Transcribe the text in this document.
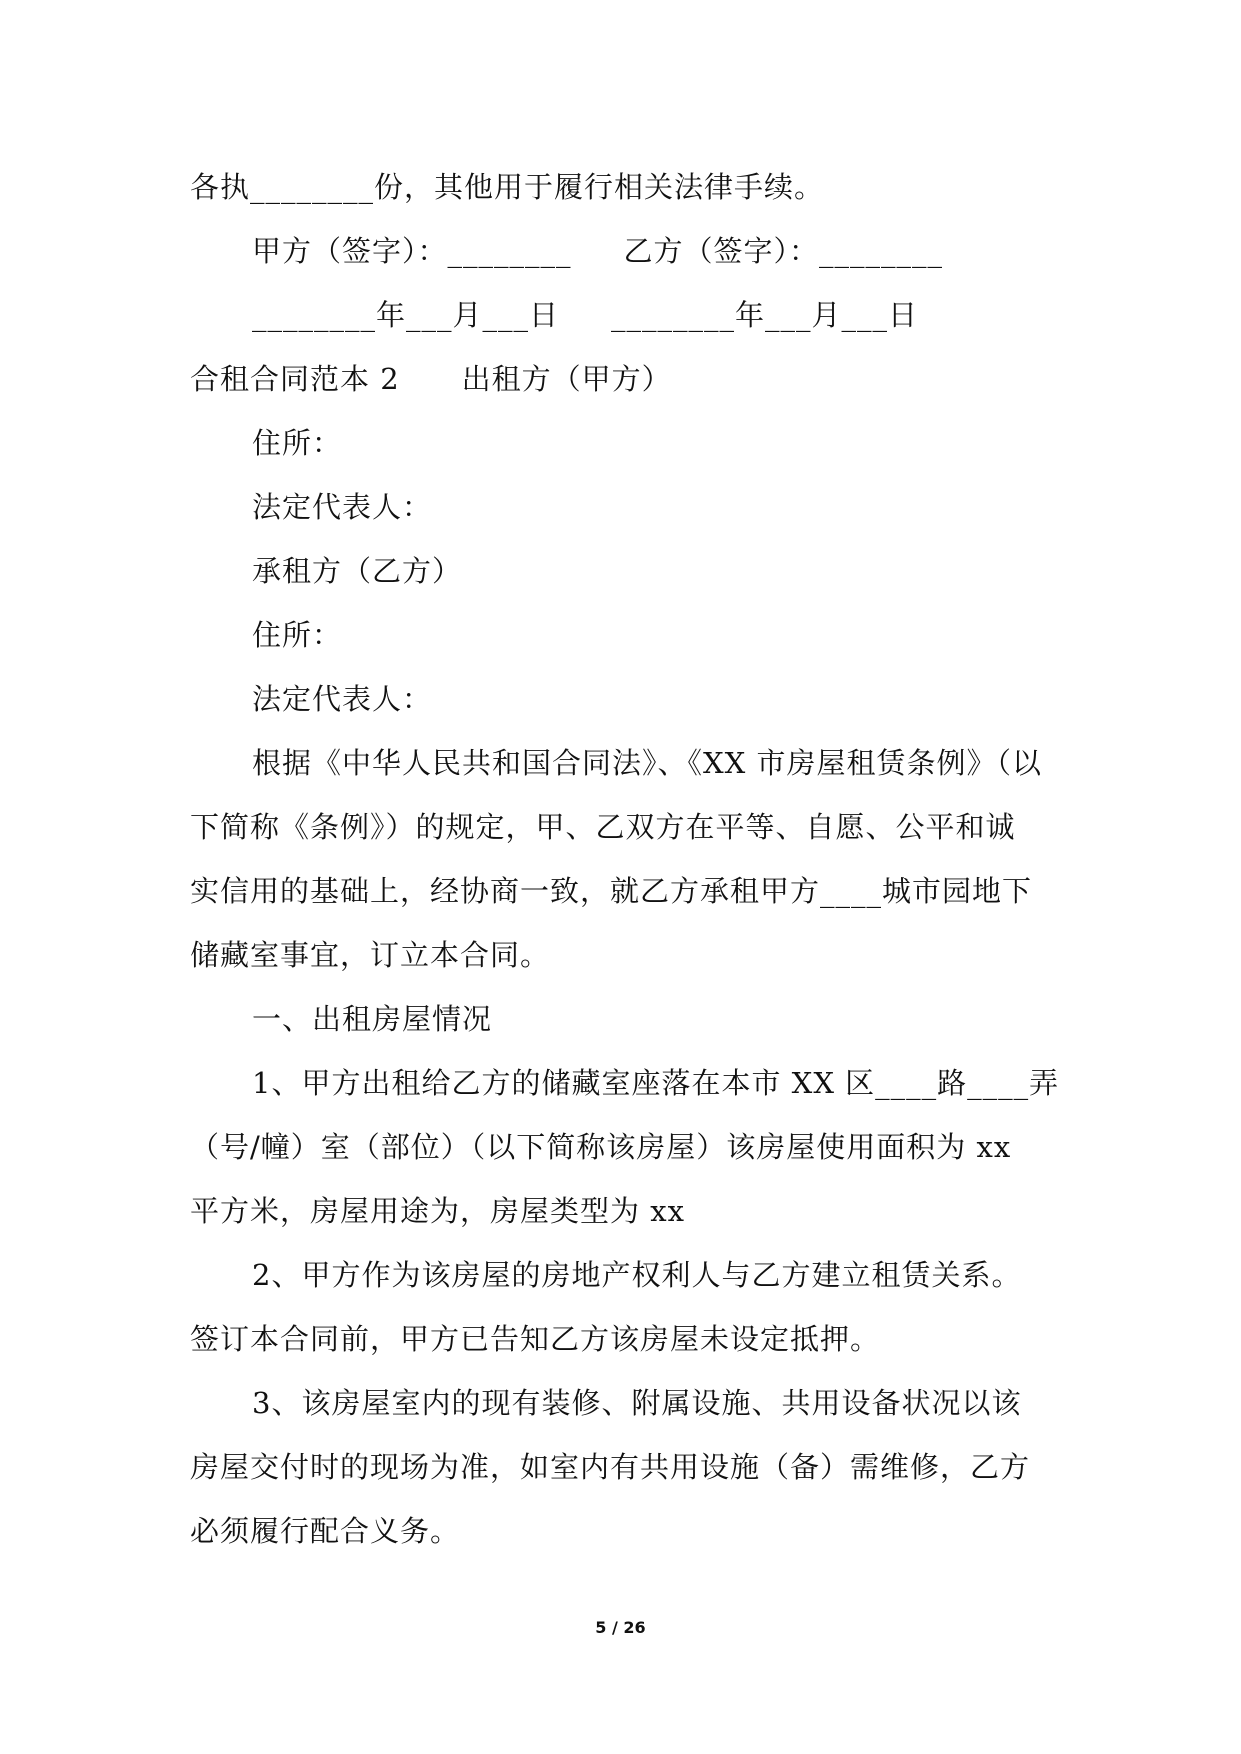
各执________份，其他用于履行相关法律手续。
甲方（签字）：________ 乙方（签字）：________
________年___月___日 ________年___月___日
合租合同范本 2 出租方（甲方）
住所：
法定代表人：
承租方（乙方）
住所：
法定代表人：
根据《中华人民共和国合同法》、《XX 市房屋租赁条例》（以
下简称《条例》）的规定，甲、乙双方在平等、自愿、公平和诚
实信用的基础上，经协商一致，就乙方承租甲方____城市园地下
储藏室事宜，订立本合同。
一、出租房屋情况
1、甲方出租给乙方的储藏室座落在本市 XX 区____路____弄
（号/幢）室（部位）（以下简称该房屋）该房屋使用面积为 xx
平方米，房屋用途为，房屋类型为 xx
2、甲方作为该房屋的房地产权利人与乙方建立租赁关系。
签订本合同前，甲方已告知乙方该房屋未设定抵押。
3、该房屋室内的现有装修、附属设施、共用设备状况以该
房屋交付时的现场为准，如室内有共用设施（备）需维修，乙方
必须履行配合义务。
5 / 26
